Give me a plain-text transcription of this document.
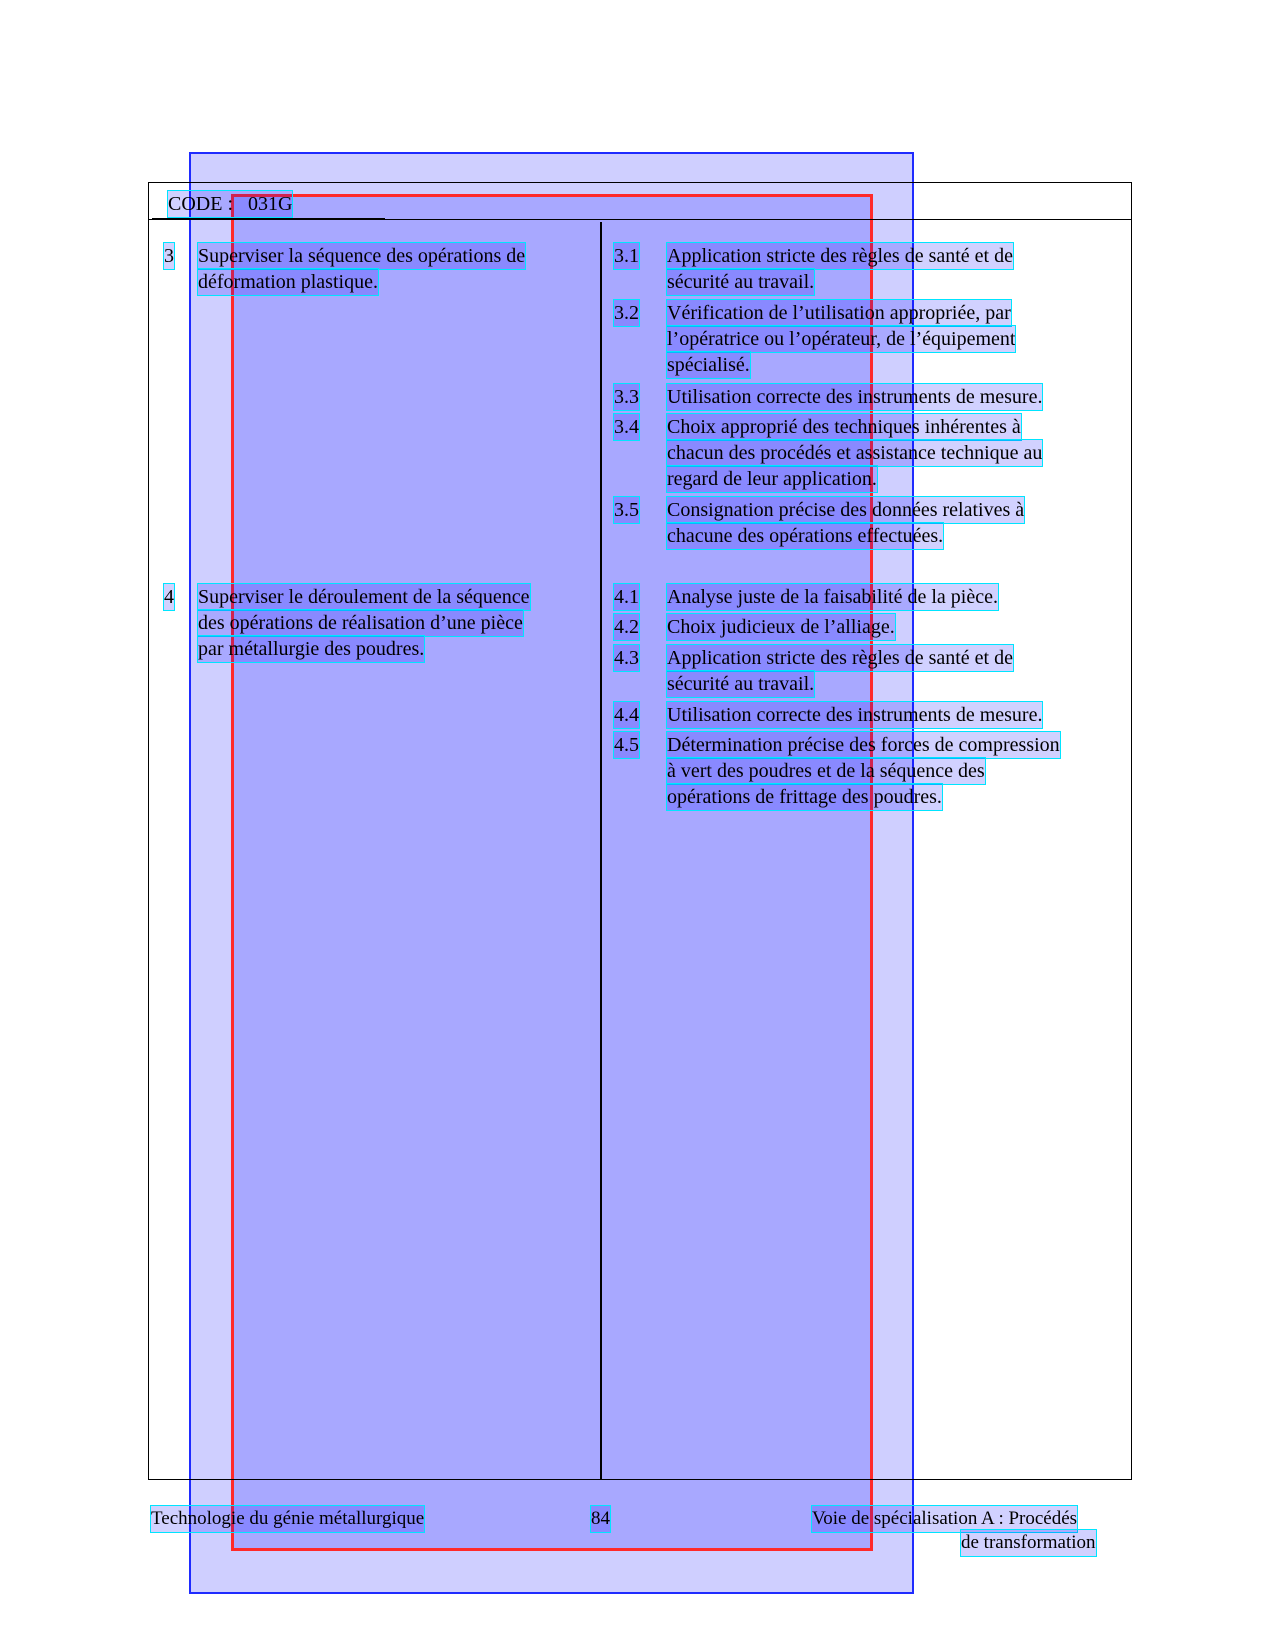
CODE : 031G
3 Superviser la séquence des opérations de
déformation plastique.
3.1 Application stricte des règles de santé et de
sécurité au travail.
3.2 Vérification de l’utilisation appropriée, par
l’opératrice ou l’opérateur, de l’équipement
spécialisé.
3.3 Utilisation correcte des instruments de mesure.
3.4 Choix approprié des techniques inhérentes à
chacun des procédés et assistance technique au
regard de leur application.
3.5 Consignation précise des données relatives à
chacune des opérations effectuées.
4 Superviser le déroulement de la séquence
des opérations de réalisation d’une pièce
par métallurgie des poudres.
4.1 Analyse juste de la faisabilité de la pièce.
4.2 Choix judicieux de l’alliage.
4.3 Application stricte des règles de santé et de
sécurité au travail.
4.4 Utilisation correcte des instruments de mesure.
4.5 Détermination précise des forces de compression
à vert des poudres et de la séquence des
opérations de frittage des poudres.
Technologie du génie métallurgique	84	Voie de spécialisation A : Procédés
de transformation
